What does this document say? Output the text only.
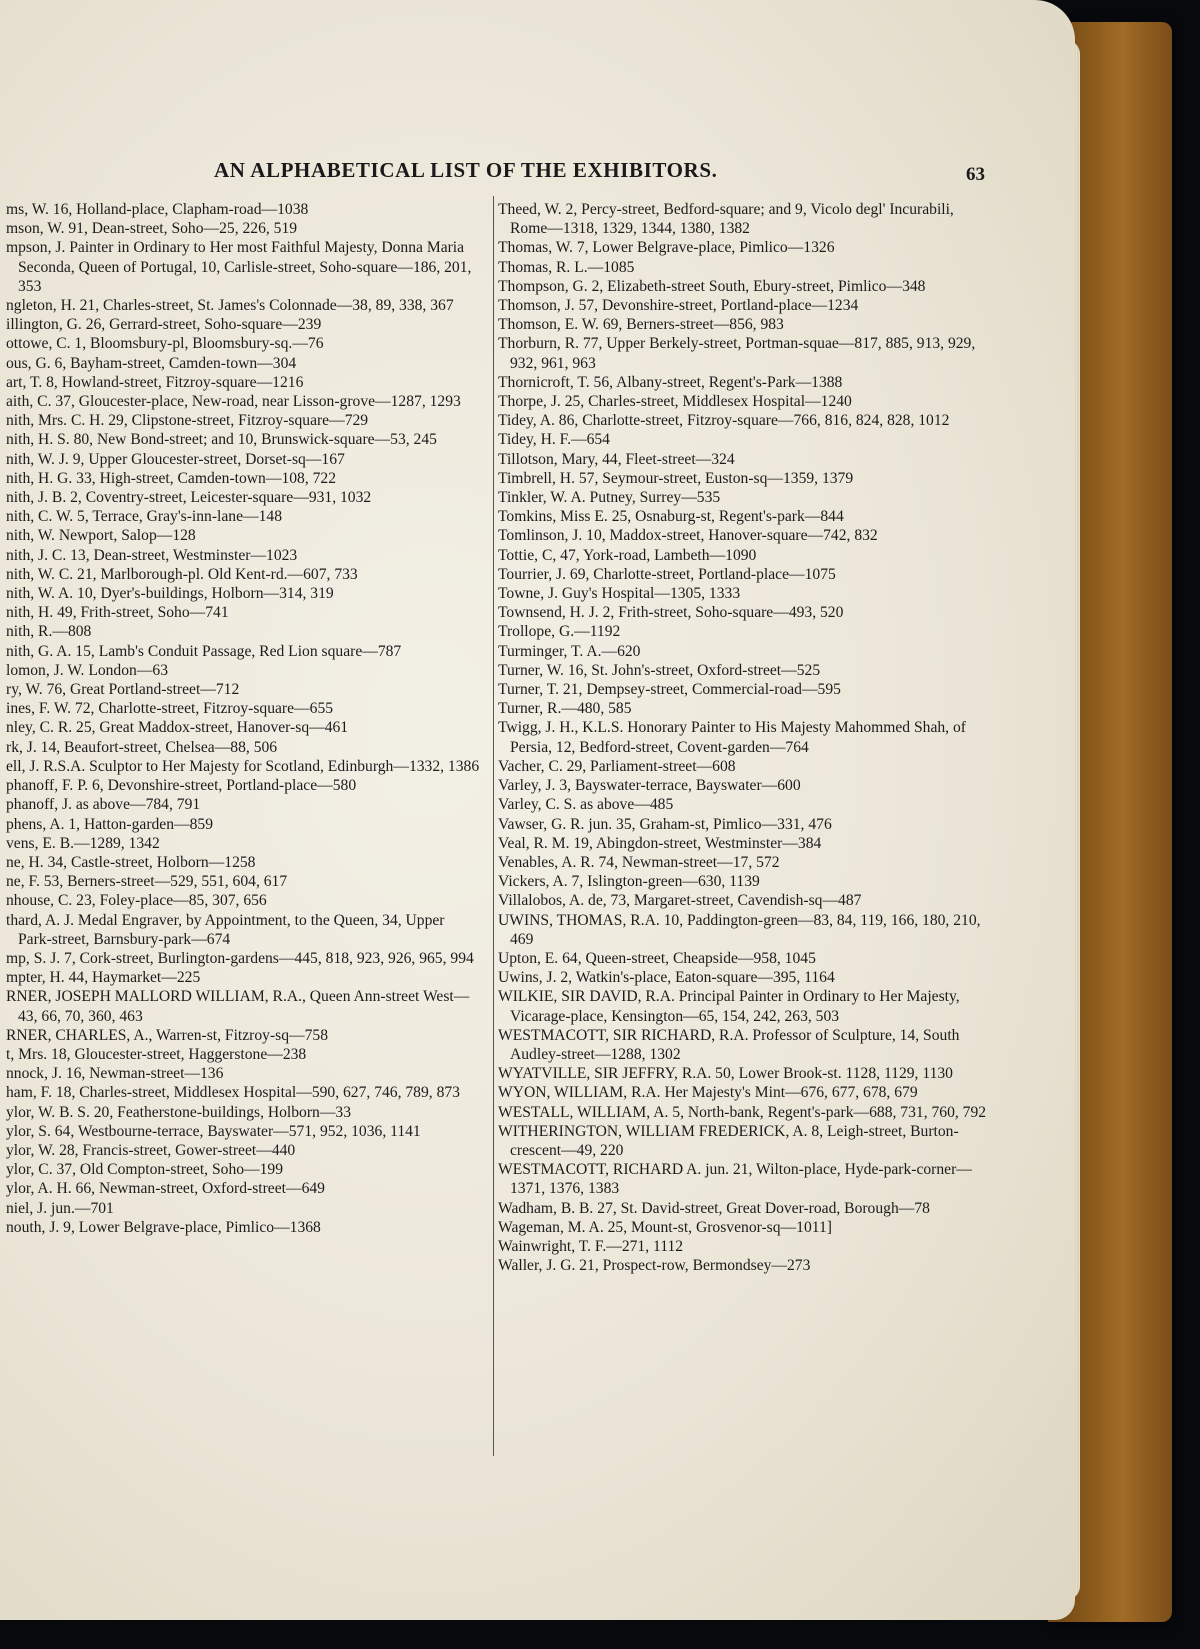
AN ALPHABETICAL LIST OF THE EXHIBITORS.	63

ms, W. 16, Holland-place, Clapham-road—1038

mson, W. 91, Dean-street, Soho—25, 226, 519

mpson, J. Painter in Ordinary to Her most Faithful Majesty, Donna Maria Seconda, Queen of Portugal, 10, Carlisle-street, Soho-square—186, 201, 353

ngleton, H. 21, Charles-street, St. James's Colonnade—38, 89, 338, 367

illington, G. 26, Gerrard-street, Soho-square—239

ottowe, C. 1, Bloomsbury-pl, Bloomsbury-sq.—76

ous, G. 6, Bayham-street, Camden-town—304

art, T. 8, Howland-street, Fitzroy-square—1216

aith, C. 37, Gloucester-place, New-road, near Lisson-grove—1287, 1293

nith, Mrs. C. H. 29, Clipstone-street, Fitzroy-square—729

nith, H. S. 80, New Bond-street; and 10, Brunswick-square—53, 245

nith, W. J. 9, Upper Gloucester-street, Dorset-sq—167

nith, H. G. 33, High-street, Camden-town—108, 722

nith, J. B. 2, Coventry-street, Leicester-square—931, 1032

nith, C. W. 5, Terrace, Gray's-inn-lane—148

nith, W. Newport, Salop—128

nith, J. C. 13, Dean-street, Westminster—1023

nith, W. C. 21, Marlborough-pl. Old Kent-rd.—607, 733

nith, W. A. 10, Dyer's-buildings, Holborn—314, 319

nith, H. 49, Frith-street, Soho—741

nith, R.—808

nith, G. A. 15, Lamb's Conduit Passage, Red Lion square—787

lomon, J. W. London—63

ry, W. 76, Great Portland-street—712

ines, F. W. 72, Charlotte-street, Fitzroy-square—655

nley, C. R. 25, Great Maddox-street, Hanover-sq—461

rk, J. 14, Beaufort-street, Chelsea—88, 506

ell, J. R.S.A. Sculptor to Her Majesty for Scotland, Edinburgh—1332, 1386

phanoff, F. P. 6, Devonshire-street, Portland-place—580

phanoff, J. as above—784, 791

phens, A. 1, Hatton-garden—859

vens, E. B.—1289, 1342

ne, H. 34, Castle-street, Holborn—1258

ne, F. 53, Berners-street—529, 551, 604, 617

nhouse, C. 23, Foley-place—85, 307, 656

thard, A. J. Medal Engraver, by Appointment, to the Queen, 34, Upper Park-street, Barnsbury-park—674

mp, S. J. 7, Cork-street, Burlington-gardens—445, 818, 923, 926, 965, 994

mpter, H. 44, Haymarket—225

RNER, JOSEPH MALLORD WILLIAM, R.A., Queen Ann-street West—43, 66, 70, 360, 463

RNER, CHARLES, A., Warren-st, Fitzroy-sq—758

t, Mrs. 18, Gloucester-street, Haggerstone—238

nnock, J. 16, Newman-street—136

ham, F. 18, Charles-street, Middlesex Hospital—590, 627, 746, 789, 873

ylor, W. B. S. 20, Featherstone-buildings, Holborn—33

ylor, S. 64, Westbourne-terrace, Bayswater—571, 952, 1036, 1141

ylor, W. 28, Francis-street, Gower-street—440

ylor, C. 37, Old Compton-street, Soho—199

ylor, A. H. 66, Newman-street, Oxford-street—649

niel, J. jun.—701

nouth, J. 9, Lower Belgrave-place, Pimlico—1368

Theed, W. 2, Percy-street, Bedford-square; and 9, Vicolo degl' Incurabili, Rome—1318, 1329, 1344, 1380, 1382

Thomas, W. 7, Lower Belgrave-place, Pimlico—1326

Thomas, R. L.—1085

Thompson, G. 2, Elizabeth-street South, Ebury-street, Pimlico—348

Thomson, J. 57, Devonshire-street, Portland-place—1234

Thomson, E. W. 69, Berners-street—856, 983

Thorburn, R. 77, Upper Berkely-street, Portman-squae—817, 885, 913, 929, 932, 961, 963

Thornicroft, T. 56, Albany-street, Regent's-Park—1388

Thorpe, J. 25, Charles-street, Middlesex Hospital—1240

Tidey, A. 86, Charlotte-street, Fitzroy-square—766, 816, 824, 828, 1012

Tidey, H. F.—654

Tillotson, Mary, 44, Fleet-street—324

Timbrell, H. 57, Seymour-street, Euston-sq—1359, 1379

Tinkler, W. A. Putney, Surrey—535

Tomkins, Miss E. 25, Osnaburg-st, Regent's-park—844

Tomlinson, J. 10, Maddox-street, Hanover-square—742, 832

Tottie, C, 47, York-road, Lambeth—1090

Tourrier, J. 69, Charlotte-street, Portland-place—1075

Towne, J. Guy's Hospital—1305, 1333

Townsend, H. J. 2, Frith-street, Soho-square—493, 520

Trollope, G.—1192

Turminger, T. A.—620

Turner, W. 16, St. John's-street, Oxford-street—525

Turner, T. 21, Dempsey-street, Commercial-road—595

Turner, R.—480, 585

Twigg, J. H., K.L.S. Honorary Painter to His Majesty Mahommed Shah, of Persia, 12, Bedford-street, Covent-garden—764

Vacher, C. 29, Parliament-street—608

Varley, J. 3, Bayswater-terrace, Bayswater—600

Varley, C. S. as above—485

Vawser, G. R. jun. 35, Graham-st, Pimlico—331, 476

Veal, R. M. 19, Abingdon-street, Westminster—384

Venables, A. R. 74, Newman-street—17, 572

Vickers, A. 7, Islington-green—630, 1139

Villalobos, A. de, 73, Margaret-street, Cavendish-sq—487

UWINS, THOMAS, R.A. 10, Paddington-green—83, 84, 119, 166, 180, 210, 469

Upton, E. 64, Queen-street, Cheapside—958, 1045

Uwins, J. 2, Watkin's-place, Eaton-square—395, 1164

WILKIE, SIR DAVID, R.A. Principal Painter in Ordinary to Her Majesty, Vicarage-place, Kensington—65, 154, 242, 263, 503

WESTMACOTT, SIR RICHARD, R.A. Professor of Sculpture, 14, South Audley-street—1288, 1302

WYATVILLE, SIR JEFFRY, R.A. 50, Lower Brook-st. 1128, 1129, 1130

WYON, WILLIAM, R.A. Her Majesty's Mint—676, 677, 678, 679

WESTALL, WILLIAM, A. 5, North-bank, Regent's-park—688, 731, 760, 792

WITHERINGTON, WILLIAM FREDERICK, A. 8, Leigh-street, Burton-crescent—49, 220

WESTMACOTT, RICHARD A. jun. 21, Wilton-place, Hyde-park-corner—1371, 1376, 1383

Wadham, B. B. 27, St. David-street, Great Dover-road, Borough—78

Wageman, M. A. 25, Mount-st, Grosvenor-sq—1011]

Wainwright, T. F.—271, 1112

Waller, J. G. 21, Prospect-row, Bermondsey—273
